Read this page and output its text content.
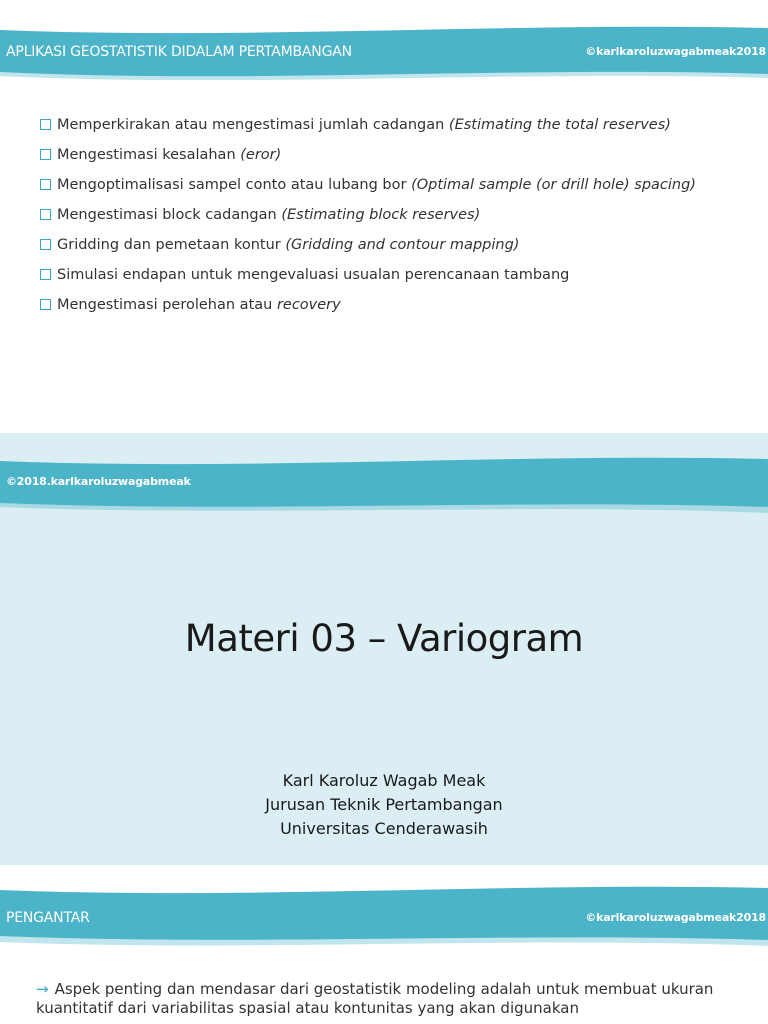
APLIKASI GEOSTATISTIK DIDALAM PERTAMBANGAN	©karlkaroluzwagabmeak2018
Memperkirakan atau mengestimasi jumlah cadangan (Estimating the total reserves)
Mengestimasi kesalahan (eror)
Mengoptimalisasi sampel conto atau lubang bor (Optimal sample (or drill hole) spacing)
Mengestimasi block cadangan (Estimating block reserves)
Gridding dan pemetaan kontur (Gridding and contour mapping)
Simulasi endapan untuk mengevaluasi usualan perencanaan tambang
Mengestimasi perolehan atau recovery
©2018.karlkaroluzwagabmeak
Materi 03 – Variogram
Karl Karoluz Wagab Meak
Jurusan Teknik Pertambangan
Universitas Cenderawasih
PENGANTAR	©karlkaroluzwagabmeak2018
→ Aspek penting dan mendasar dari geostatistik modeling adalah untuk membuat ukuran kuantitatif dari variabilitas spasial atau kontunitas yang akan digunakan
